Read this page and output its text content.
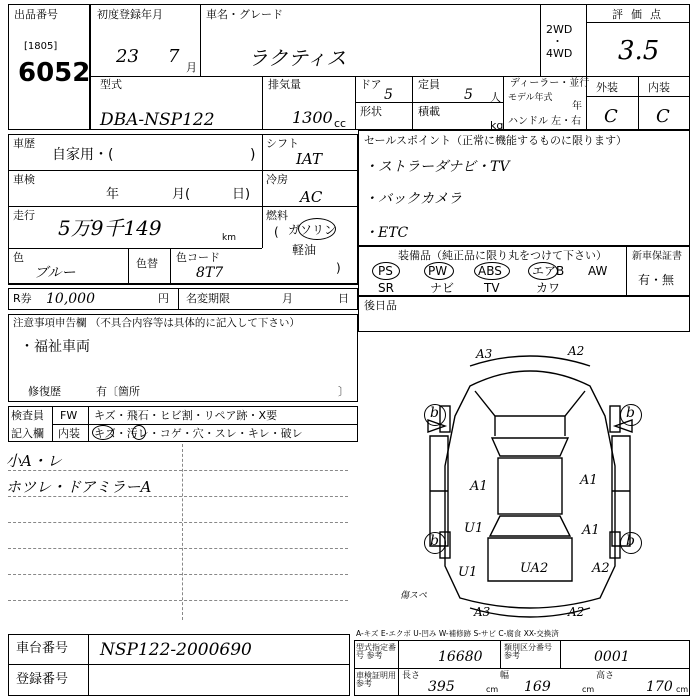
出品番号
[1805]
6052
初度登録年月
23 7
月
車名・グレード
ラクティス
2WD
・
4WD
評価点
3.5
型式
DBA-NSP122
排気量
1300 cc
ドア
5
定員
5 人
形状	積載
kg
ディーラー・並行
モデル年式
年
ハンドル 左・右
外装	内装
C C
車歴
自家用・(	)
シフト
IAT
車検
年	月(	日)
冷房
AC
走行
5万9千149	km
燃料
( ガソリン
軽油
)
色
ブルー
色替 色コード
8T7
R券 10,000	円 名変期限	月	日
注意事項申告欄 （不具合内容等は具体的に記入して下さい）
・福祉車両
修復歴	有〔箇所	〕
検査員
記入欄
FW キズ・飛石・ヒビ割・リペア跡・X要
内装 キズ・汚レ・コゲ・穴・スレ・キレ・破レ
小A・レ
ホツレ・ドアミラーA
セールスポイント（正常に機能するものに限ります）
・ストラーダナビ・TV
・バックカメラ
・ETC
装備品（純正品に限り丸をつけて下さい）
PS	PW	ABS	エアB AW
SR	ナビ TV	カワ
新車保証書
有・無
後日品
A3	A2
b	b
A1	A1
U1	A1
b	b
U1	UA2	A2
A3	A2
傷スペ
A-キズ E-エクボ U-凹み W-補修跡 S-サビ C-腐食 XX-交換済
車台番号 NSP122-2000690
登録番号
型式指定番号 参考	16680
類別区分番号 参考	0001
車検証明用 参考
長さ
395	cm
幅
169	cm
高さ
170 cm
